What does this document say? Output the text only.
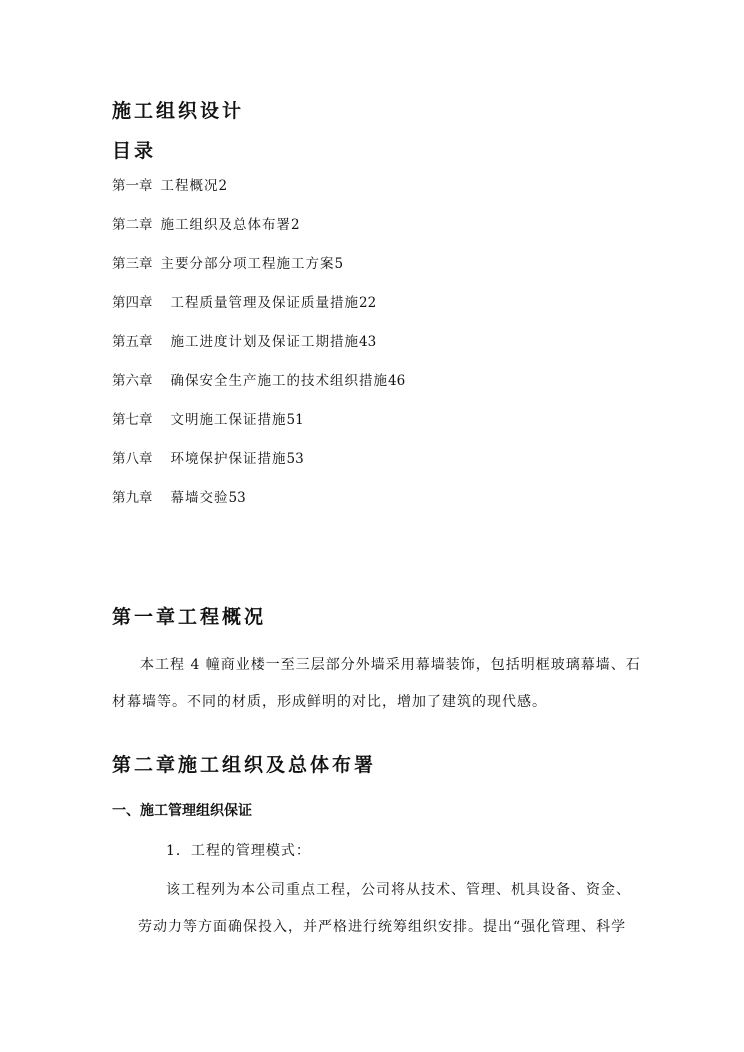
施工组织设计
目录
第一章 工程概况2
第二章 施工组织及总体布署2
第三章 主要分部分项工程施工方案5
第四章 工程质量管理及保证质量措施22
第五章 施工进度计划及保证工期措施43
第六章 确保安全生产施工的技术组织措施46
第七章 文明施工保证措施51
第八章 环境保护保证措施53
第九章 幕墙交验53
第一章工程概况

本工程 4 幢商业楼一至三层部分外墙采用幕墙装饰，包括明框玻璃幕墙、石

材幕墙等。不同的材质，形成鲜明的对比，增加了建筑的现代感。

第二章施工组织及总体布署
一、施工管理组织保证

1．工程的管理模式：

该工程列为本公司重点工程，公司将从技术、管理、机具设备、资金、

劳动力等方面确保投入，并严格进行统筹组织安排。提出“强化管理、科学
